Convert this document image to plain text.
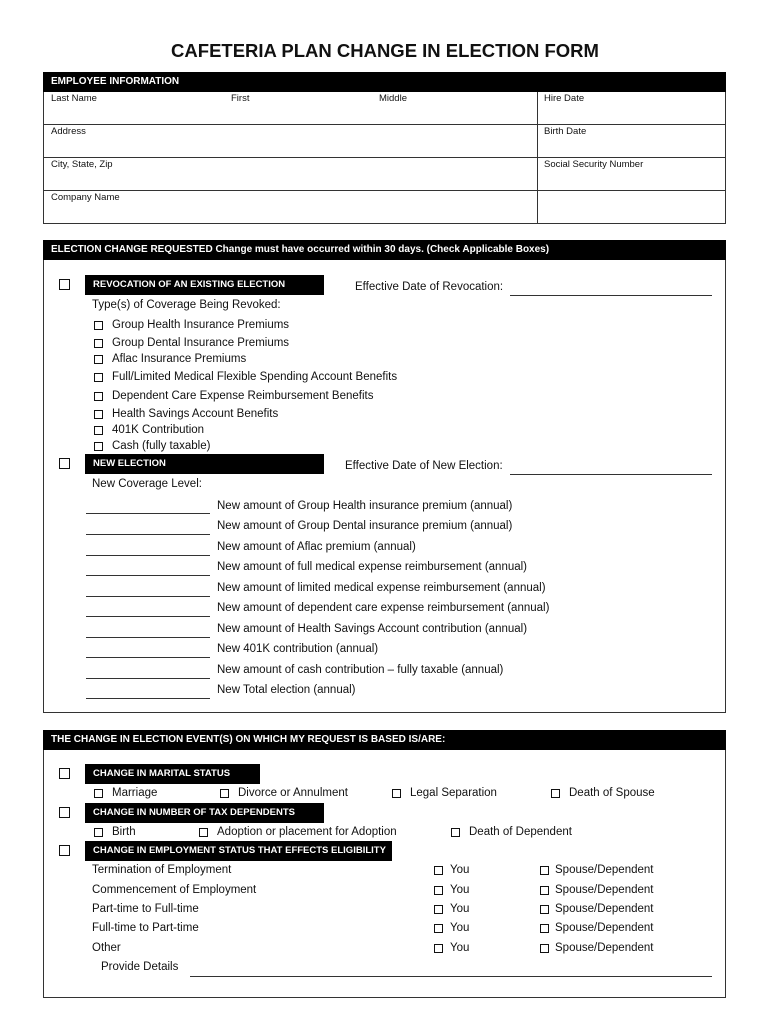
CAFETERIA PLAN CHANGE IN ELECTION FORM
EMPLOYEE INFORMATION
Last Name	First	Middle	Hire Date
Address	Birth Date
City, State, Zip	Social Security Number
Company Name
ELECTION CHANGE REQUESTED Change must have occurred within 30 days. (Check Applicable Boxes)
REVOCATION OF AN EXISTING ELECTION	Effective Date of Revocation:
Type(s) of Coverage Being Revoked:
Group Health Insurance Premiums
Group Dental Insurance Premiums
Aflac Insurance Premiums
Full/Limited Medical Flexible Spending Account Benefits
Dependent Care Expense Reimbursement Benefits
Health Savings Account Benefits
401K Contribution
Cash (fully taxable)
NEW ELECTION	Effective Date of New Election:
New Coverage Level:
New amount of Group Health insurance premium (annual)
New amount of Group Dental insurance premium (annual)
New amount of Aflac premium (annual)
New amount of full medical expense reimbursement (annual)
New amount of limited medical expense reimbursement (annual)
New amount of dependent care expense reimbursement (annual)
New amount of Health Savings Account contribution (annual)
New 401K contribution (annual)
New amount of cash contribution – fully taxable (annual)
New Total election (annual)
THE CHANGE IN ELECTION EVENT(S) ON WHICH MY REQUEST IS BASED IS/ARE:
CHANGE IN MARITAL STATUS
Marriage	Divorce or Annulment	Legal Separation	Death of Spouse
CHANGE IN NUMBER OF TAX DEPENDENTS
Birth	Adoption or placement for Adoption	Death of Dependent
CHANGE IN EMPLOYMENT STATUS THAT EFFECTS ELIGIBILITY
Termination of Employment	You	Spouse/Dependent
Commencement of Employment	You	Spouse/Dependent
Part-time to Full-time	You	Spouse/Dependent
Full-time to Part-time	You	Spouse/Dependent
Other	You	Spouse/Dependent
Provide Details
